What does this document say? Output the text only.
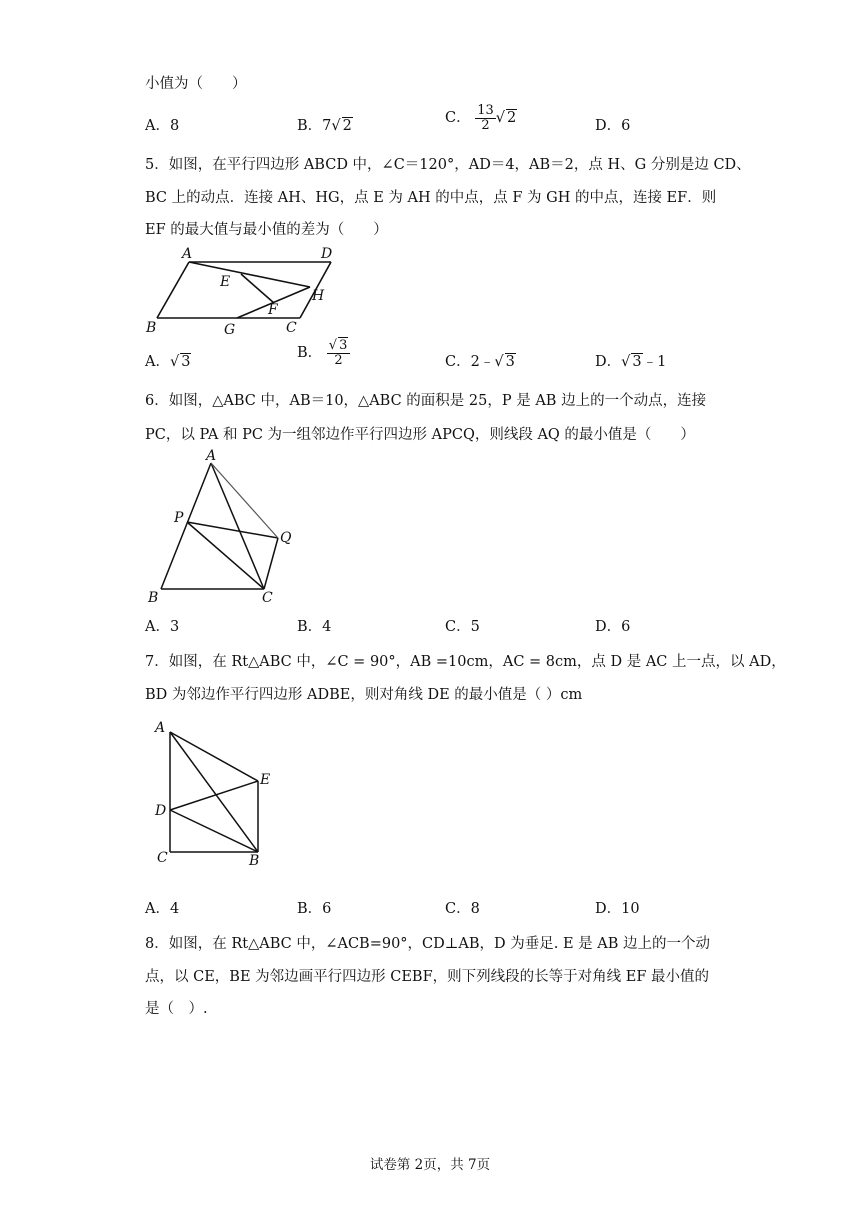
小值为（　　）
A．8	B．7√ 2	C． $\frac{13}{2}$ √ 2	D．6
5．如图，在平行四边形 ABCD 中，∠C＝120°，AD＝4，AB＝2，点 H、G 分别是边 CD、
BC 上的动点．连接 AH、HG，点 E 为 AH 的中点，点 F 为 GH 的中点，连接 EF．则
EF 的最大值与最小值的差为（　　）
A	D
E
H
F
B	G	C
A．√ 3
B． $\frac{√ 3}{2}$	C．2﹣√ 3	D．√ 3﹣1
6．如图，△ABC 中，AB＝10，△ABC 的面积是 25，P 是 AB 边上的一个动点，连接
PC，以 PA 和 PC 为一组邻边作平行四边形 APCQ，则线段 AQ 的最小值是（　　）
A
P
Q
B	C
A．3	B．4	C．5	D．6
7．如图，在 Rt△ABC 中，∠C = 90°，AB =10cm，AC = 8cm，点 D 是 AC 上一点，以 AD，
BD 为邻边作平行四边形 ADBE，则对角线 DE 的最小值是（ ）cm
A
E
D
C	B
A．4	B．6	C．8	D．10
8．如图，在 Rt△ABC 中，∠ACB=90°，CD⊥AB，D 为垂足. E 是 AB 边上的一个动
点，以 CE，BE 为邻边画平行四边形 CEBF，则下列线段的长等于对角线 EF 最小值的
是（　）.
试卷第 2页，共 7页
